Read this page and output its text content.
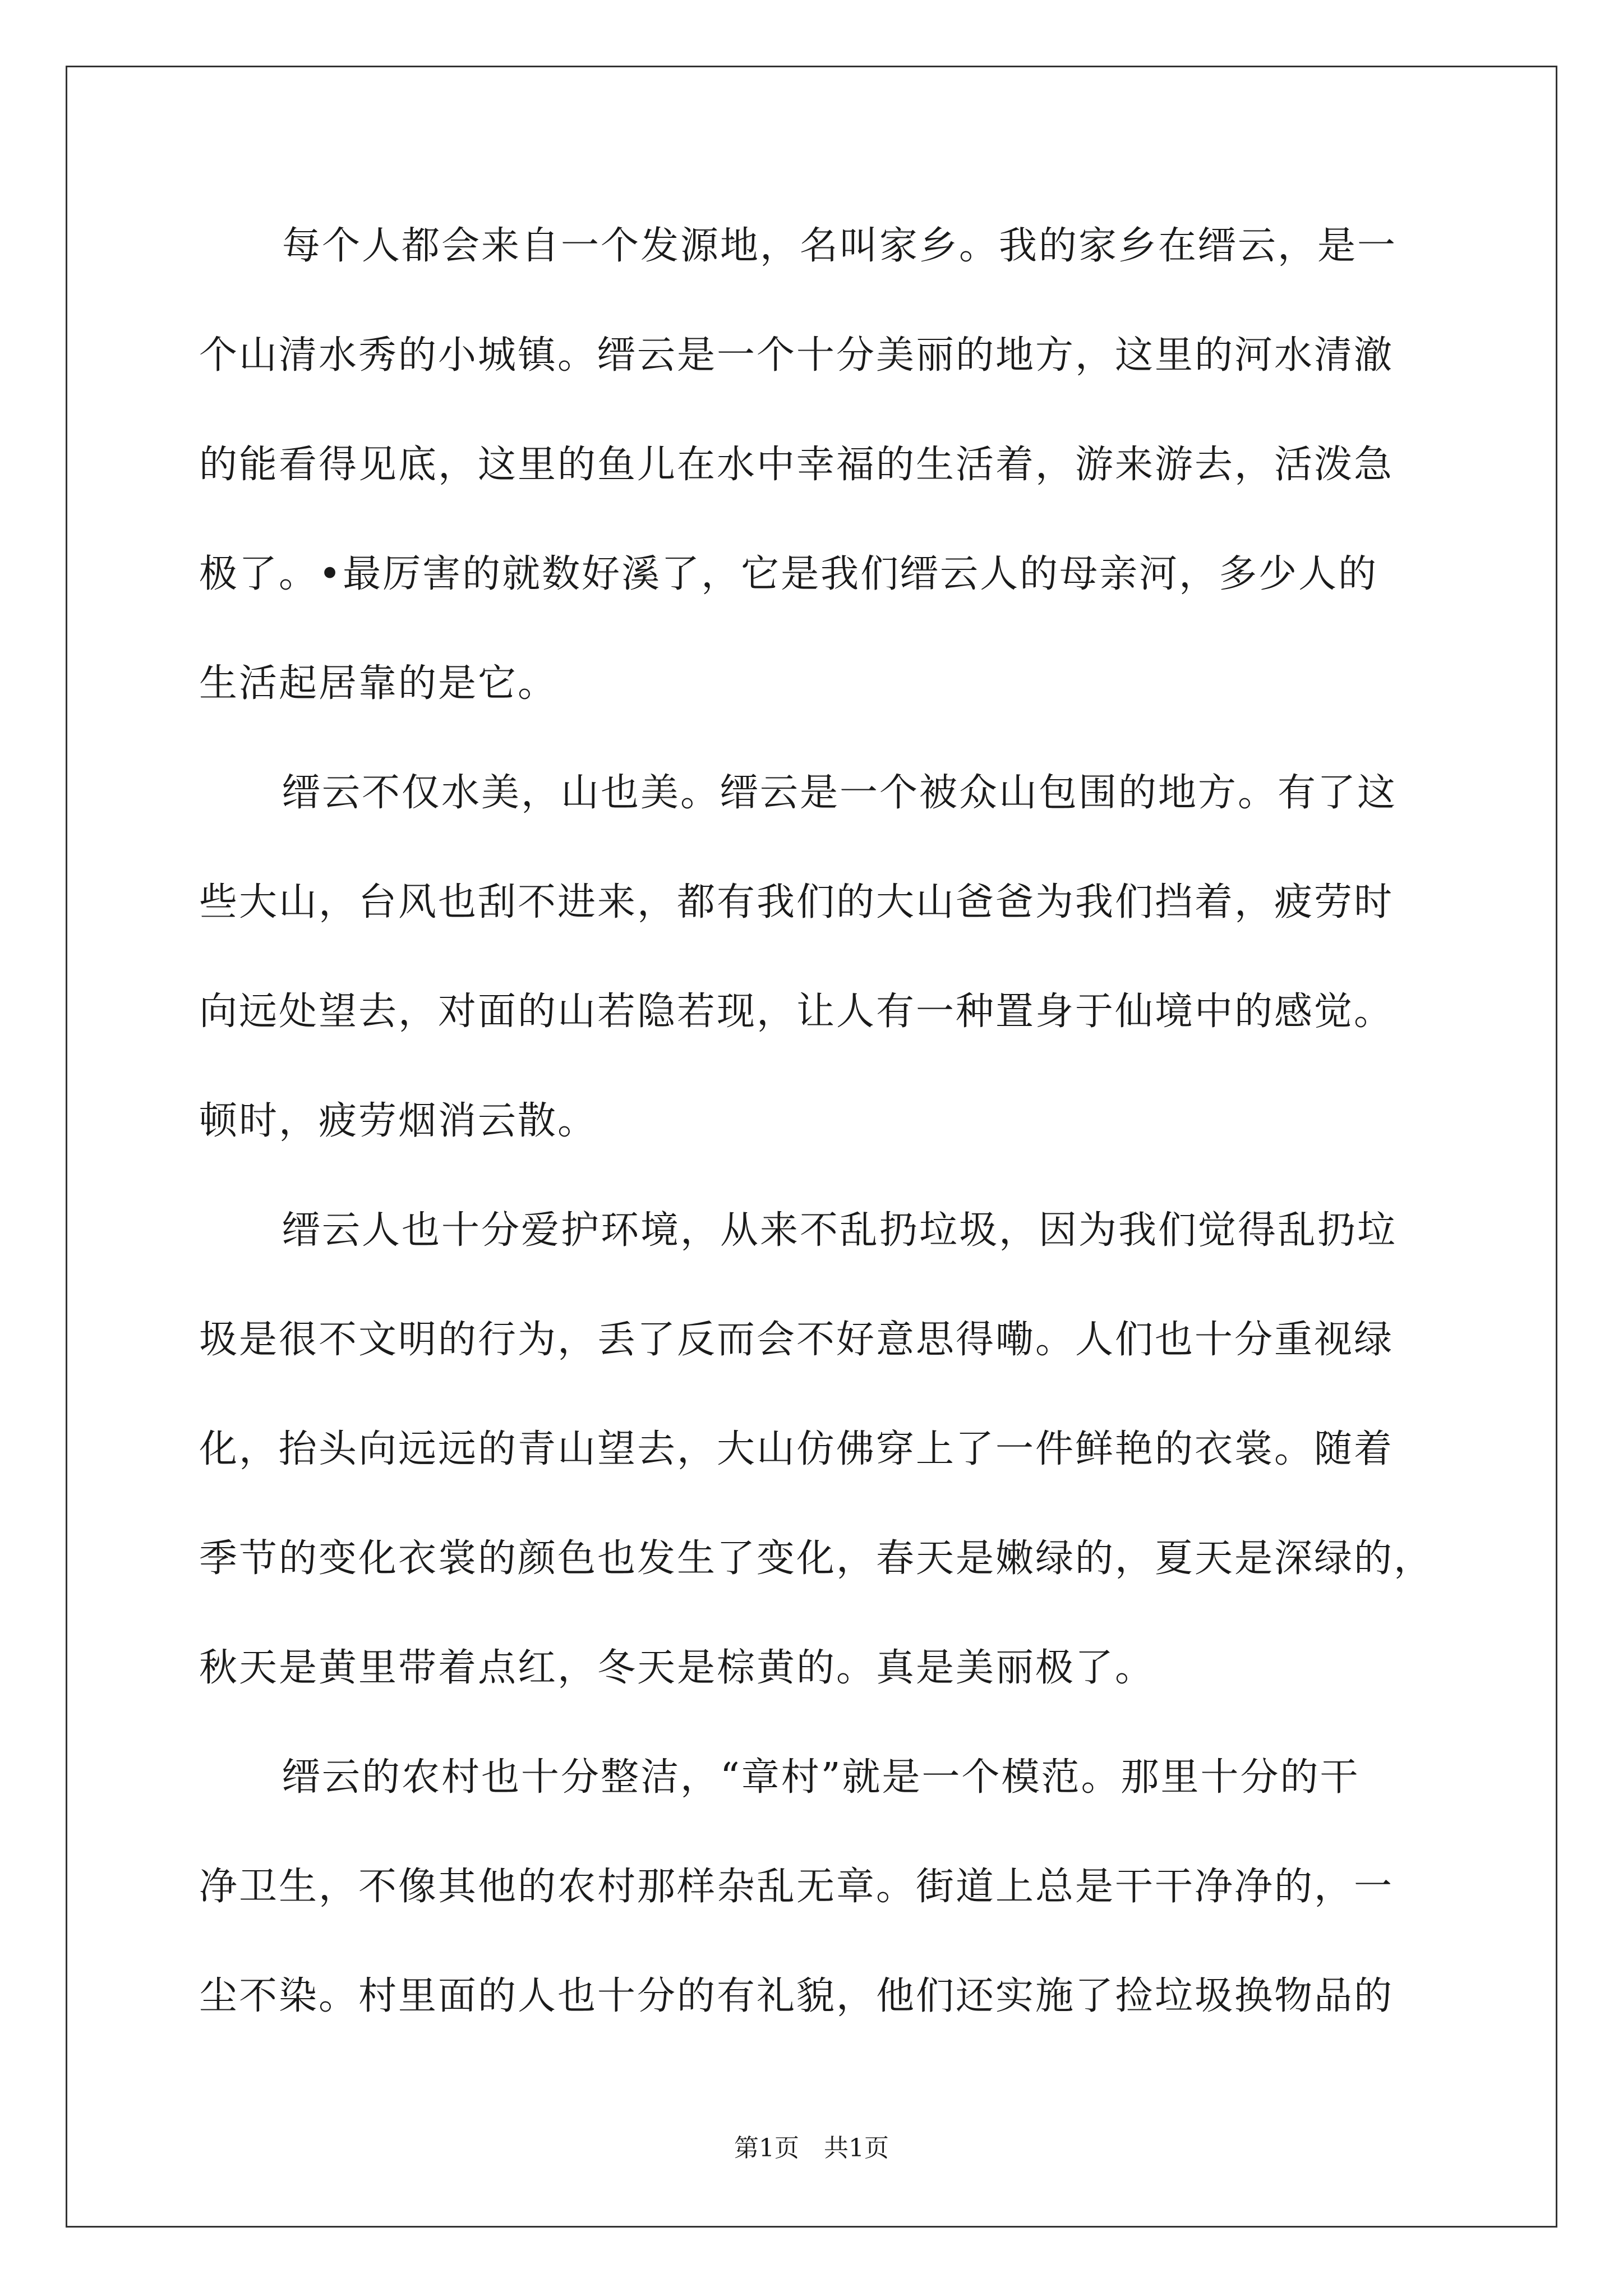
每个人都会来自一个发源地，名叫家乡。我的家乡在缙云，是一
个山清水秀的小城镇。缙云是一个十分美丽的地方，这里的河水清澈
的能看得见底，这里的鱼儿在水中幸福的生活着，游来游去，活泼急
极了。•最厉害的就数好溪了，它是我们缙云人的母亲河，多少人的
生活起居靠的是它。
缙云不仅水美，山也美。缙云是一个被众山包围的地方。有了这
些大山，台风也刮不进来，都有我们的大山爸爸为我们挡着，疲劳时
向远处望去，对面的山若隐若现，让人有一种置身于仙境中的感觉。
顿时，疲劳烟消云散。
缙云人也十分爱护环境，从来不乱扔垃圾，因为我们觉得乱扔垃
圾是很不文明的行为，丢了反而会不好意思得嘞。人们也十分重视绿
化，抬头向远远的青山望去，大山仿佛穿上了一件鲜艳的衣裳。随着
季节的变化衣裳的颜色也发生了变化，春天是嫩绿的，夏天是深绿的，
秋天是黄里带着点红，冬天是棕黄的。真是美丽极了。
缙云的农村也十分整洁，“章村”就是一个模范。那里十分的干
净卫生，不像其他的农村那样杂乱无章。街道上总是干干净净的，一
尘不染。村里面的人也十分的有礼貌，他们还实施了捡垃圾换物品的
第1页　共1页
